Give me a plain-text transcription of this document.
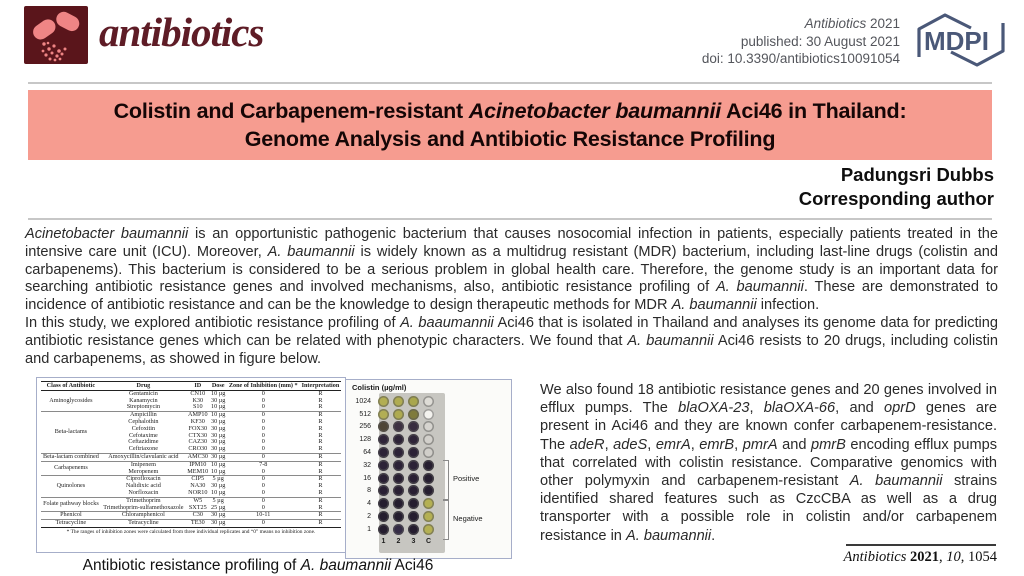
antibiotics	Antibiotics 2021
published: 30 August 2021
doi: 10.3390/antibiotics10091054
MDPI
Colistin and Carbapenem-resistant Acinetobacter baumannii Aci46 in Thailand:
Genome Analysis and Antibiotic Resistance Profiling
Padungsri Dubbs
Corresponding author

Acinetobacter baumannii is an opportunistic pathogenic bacterium that causes nosocomial infection in patients, especially patients treated in the intensive care unit (ICU). Moreover, A. baumannii is widely known as a multidrug resistant (MDR) bacterium, including last-line drugs (colistin and carbapenems). This bacterium is considered to be a serious problem in global health care. Therefore, the genome study is an important data for searching antibiotic resistance genes and involved mechanisms, also, antibiotic resistance profiling of A. baumannii. These are demonstrated to incidence of antibiotic resistance and can be the knowledge to design therapeutic methods for MDR A. baumannii infection.

In this study, we explored antibiotic resistance profiling of A. baaumannii Aci46 that is isolated in Thailand and analyses its genome data for predicting antibiotic resistance genes which can be related with phenotypic characters. We found that A. baumannii Aci46 resists to 20 drugs, including colistin and carbapenems, as showed in figure below.

Class of Antibiotic	Drug	ID	Dose	Zone of Inhibition (mm) *	Interpretation
Aminoglycosides	Gentamicin	CN10	10 µg	0	R
	Kanamycin	K30	30 µg	0	R
	Streptomycin	S10	10 µg	0	R
Beta-lactams	Ampicillin	AMP10	10 µg	0	R
	Cephalothin	KF30	30 µg	0	R
	Cefoxitin	FOX30	30 µg	0	R
	Cefotaxime	CTX30	30 µg	0	R
	Ceftazidime	CAZ30	30 µg	0	R
	Ceftriaxone	CRO30	30 µg	0	R
Beta-lactam combined	Amoxycillin/clavulanic acid	AMC30	30 µg	0	R
Carbapenems	Imipenem	IPM10	10 µg	7-8	R
	Meropenem	MEM10	10 µg	0	R
Quinolones	Ciprofloxacin	CIP5	5 µg	0	R
	Nalidixic acid	NA30	30 µg	0	R
	Norfloxacin	NOR10	10 µg	0	R
Folate pathway blocks	Trimethoprim	W5	5 µg	0	R
	Trimethoprim-sulfamethoxazole	SXT25	25 µg	0	R
Phenicol	Chloramphenicol	C30	30 µg	10-11	R
Tetracycline	Tetracycline	TE30	30 µg	0	R
* The ranges of inhibition zones were calculated from three individual replicates and “0” means no inhibition zone.
Colistin (µg/ml)
1024
512
256
128
64
32
16
8
4
2
1
1	2	3	C
Positive
Negative
Antibiotic resistance profiling of A. baumannii Aci46
We also found 18 antibiotic resistance genes and 20 genes involved in efflux pumps. The blaOXA-23, blaOXA-66, and oprD genes are present in Aci46 and they are known confer carbapenem-resistance. The adeR, adeS, emrA, emrB, pmrA and pmrB encoding efflux pumps that correlated with colistin resistance. Comparative genomics with other polymyxin and carbapenem-resistant A. baumannii strains identified shared features such as CzcCBA as well as a drug transporter with a possible role in colistin and/or carbapenem resistance in A. baumannii.
Antibiotics 2021, 10, 1054
